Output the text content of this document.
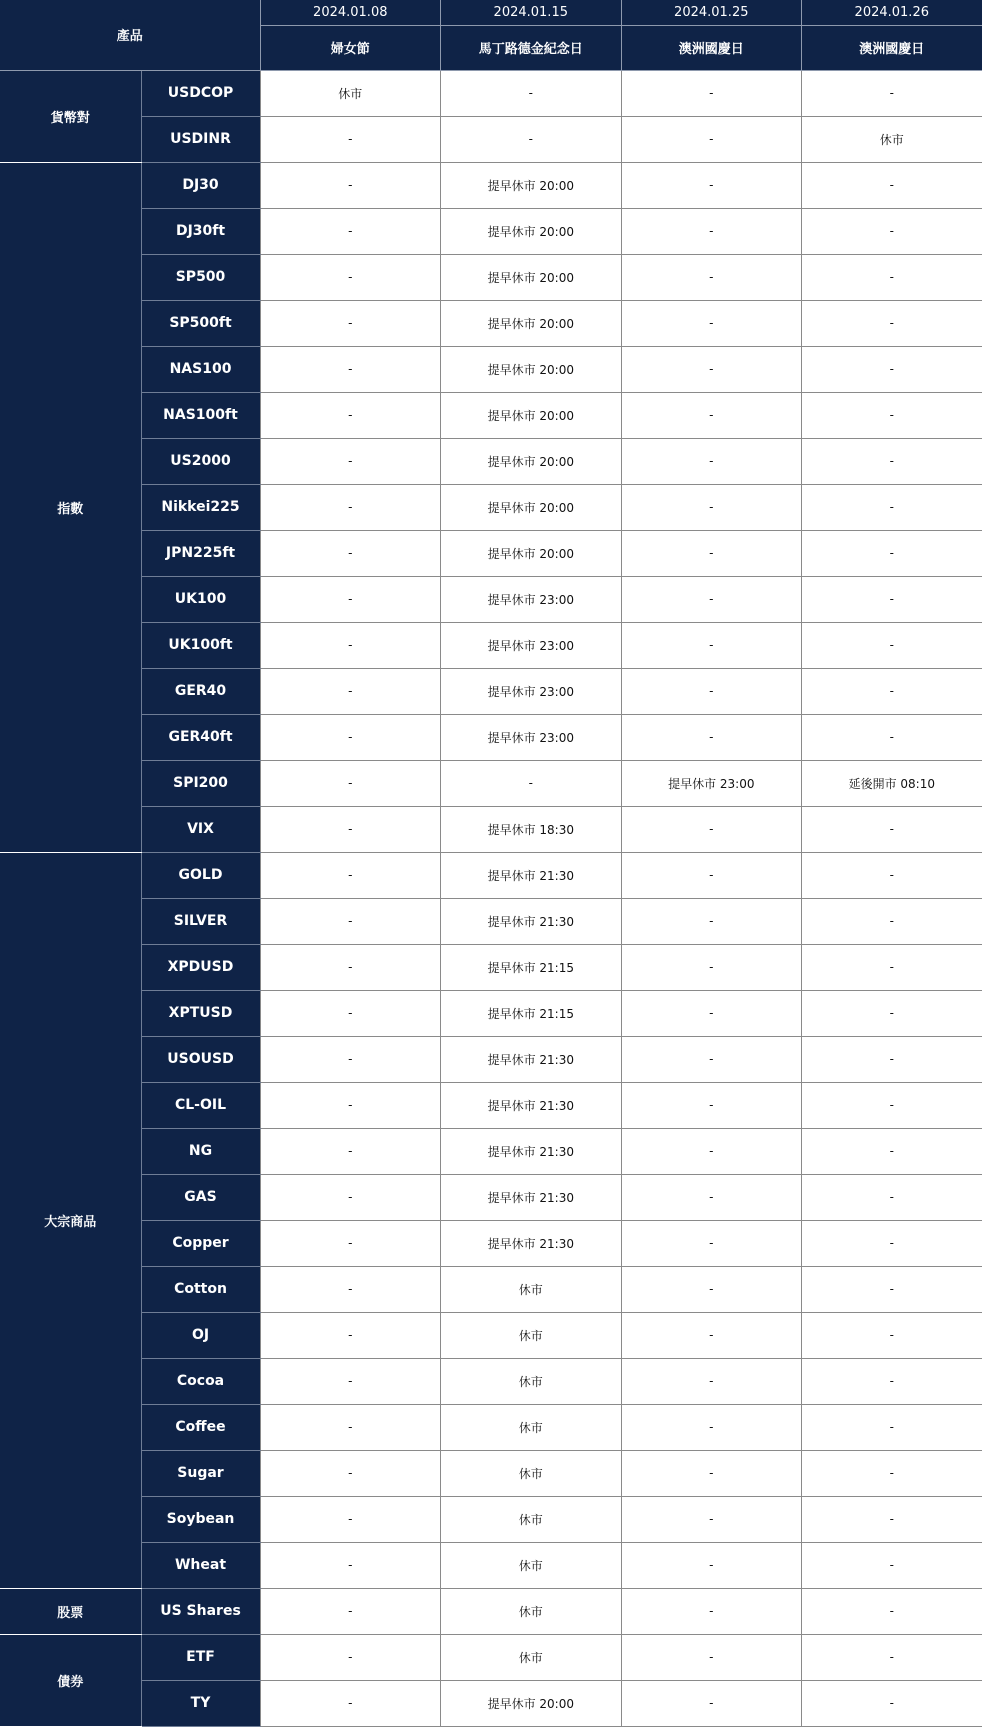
產品		2024.01.08	2024.01.15	2024.01.25	2024.01.26
		婦女節	馬丁路德金紀念日	澳洲國慶日	澳洲國慶日
貨幣對	USDCOP	休市	-	-	-
	USDINR	-	-	-	休市
指數	DJ30	-	提早休市 20:00	-	-
	DJ30ft	-	提早休市 20:00	-	-
	SP500	-	提早休市 20:00	-	-
	SP500ft	-	提早休市 20:00	-	-
	NAS100	-	提早休市 20:00	-	-
	NAS100ft	-	提早休市 20:00	-	-
	US2000	-	提早休市 20:00	-	-
	Nikkei225	-	提早休市 20:00	-	-
	JPN225ft	-	提早休市 20:00	-	-
	UK100	-	提早休市 23:00	-	-
	UK100ft	-	提早休市 23:00	-	-
	GER40	-	提早休市 23:00	-	-
	GER40ft	-	提早休市 23:00	-	-
	SPI200	-	-	提早休市 23:00	延後開市 08:10
	VIX	-	提早休市 18:30	-	-
大宗商品	GOLD	-	提早休市 21:30	-	-
	SILVER	-	提早休市 21:30	-	-
	XPDUSD	-	提早休市 21:15	-	-
	XPTUSD	-	提早休市 21:15	-	-
	USOUSD	-	提早休市 21:30	-	-
	CL-OIL	-	提早休市 21:30	-	-
	NG	-	提早休市 21:30	-	-
	GAS	-	提早休市 21:30	-	-
	Copper	-	提早休市 21:30	-	-
	Cotton	-	休市	-	-
	OJ	-	休市	-	-
	Cocoa	-	休市	-	-
	Coffee	-	休市	-	-
	Sugar	-	休市	-	-
	Soybean	-	休市	-	-
	Wheat	-	休市	-	-
股票	US Shares	-	休市	-	-
債券	ETF	-	休市	-	-
	TY	-	提早休市 20:00	-	-
